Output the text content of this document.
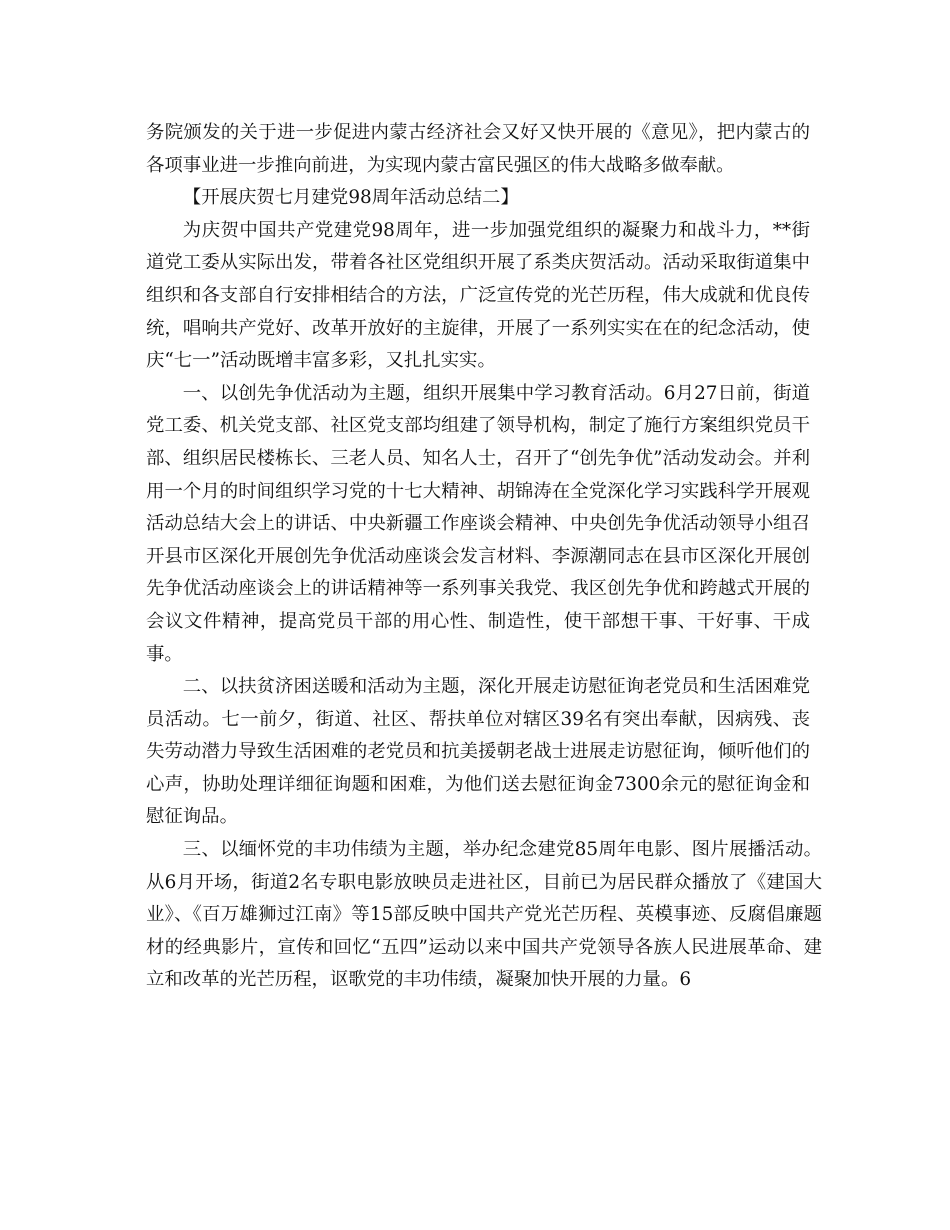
务院颁发的关于进一步促进内蒙古经济社会又好又快开展的《意见》，把内蒙古的各项事业进一步推向前进，为实现内蒙古富民强区的伟大战略多做奉献。

【开展庆贺七月建党98周年活动总结二】

为庆贺中国共产党建党98周年，进一步加强党组织的凝聚力和战斗力，**街道党工委从实际出发，带着各社区党组织开展了系类庆贺活动。活动采取街道集中组织和各支部自行安排相结合的方法，广泛宣传党的光芒历程，伟大成就和优良传统，唱响共产党好、改革开放好的主旋律，开展了一系列实实在在的纪念活动，使庆“七一”活动既增丰富多彩，又扎扎实实。

一、以创先争优活动为主题，组织开展集中学习教育活动。6月27日前，街道党工委、机关党支部、社区党支部均组建了领导机构，制定了施行方案组织党员干部、组织居民楼栋长、三老人员、知名人士，召开了“创先争优”活动发动会。并利用一个月的时间组织学习党的十七大精神、胡锦涛在全党深化学习实践科学开展观活动总结大会上的讲话、中央新疆工作座谈会精神、中央创先争优活动领导小组召开县市区深化开展创先争优活动座谈会发言材料、李源潮同志在县市区深化开展创先争优活动座谈会上的讲话精神等一系列事关我党、我区创先争优和跨越式开展的会议文件精神，提高党员干部的用心性、制造性，使干部想干事、干好事、干成事。

二、以扶贫济困送暖和活动为主题，深化开展走访慰征询老党员和生活困难党员活动。七一前夕，街道、社区、帮扶单位对辖区39名有突出奉献，因病残、丧失劳动潜力导致生活困难的老党员和抗美援朝老战士进展走访慰征询，倾听他们的心声，协助处理详细征询题和困难，为他们送去慰征询金7300余元的慰征询金和慰征询品。

三、以缅怀党的丰功伟绩为主题，举办纪念建党85周年电影、图片展播活动。从6月开场，街道2名专职电影放映员走进社区，目前已为居民群众播放了《建国大业》、《百万雄狮过江南》等15部反映中国共产党光芒历程、英模事迹、反腐倡廉题材的经典影片，宣传和回忆“五四”运动以来中国共产党领导各族人民进展革命、建立和改革的光芒历程，讴歌党的丰功伟绩，凝聚加快开展的力量。6
